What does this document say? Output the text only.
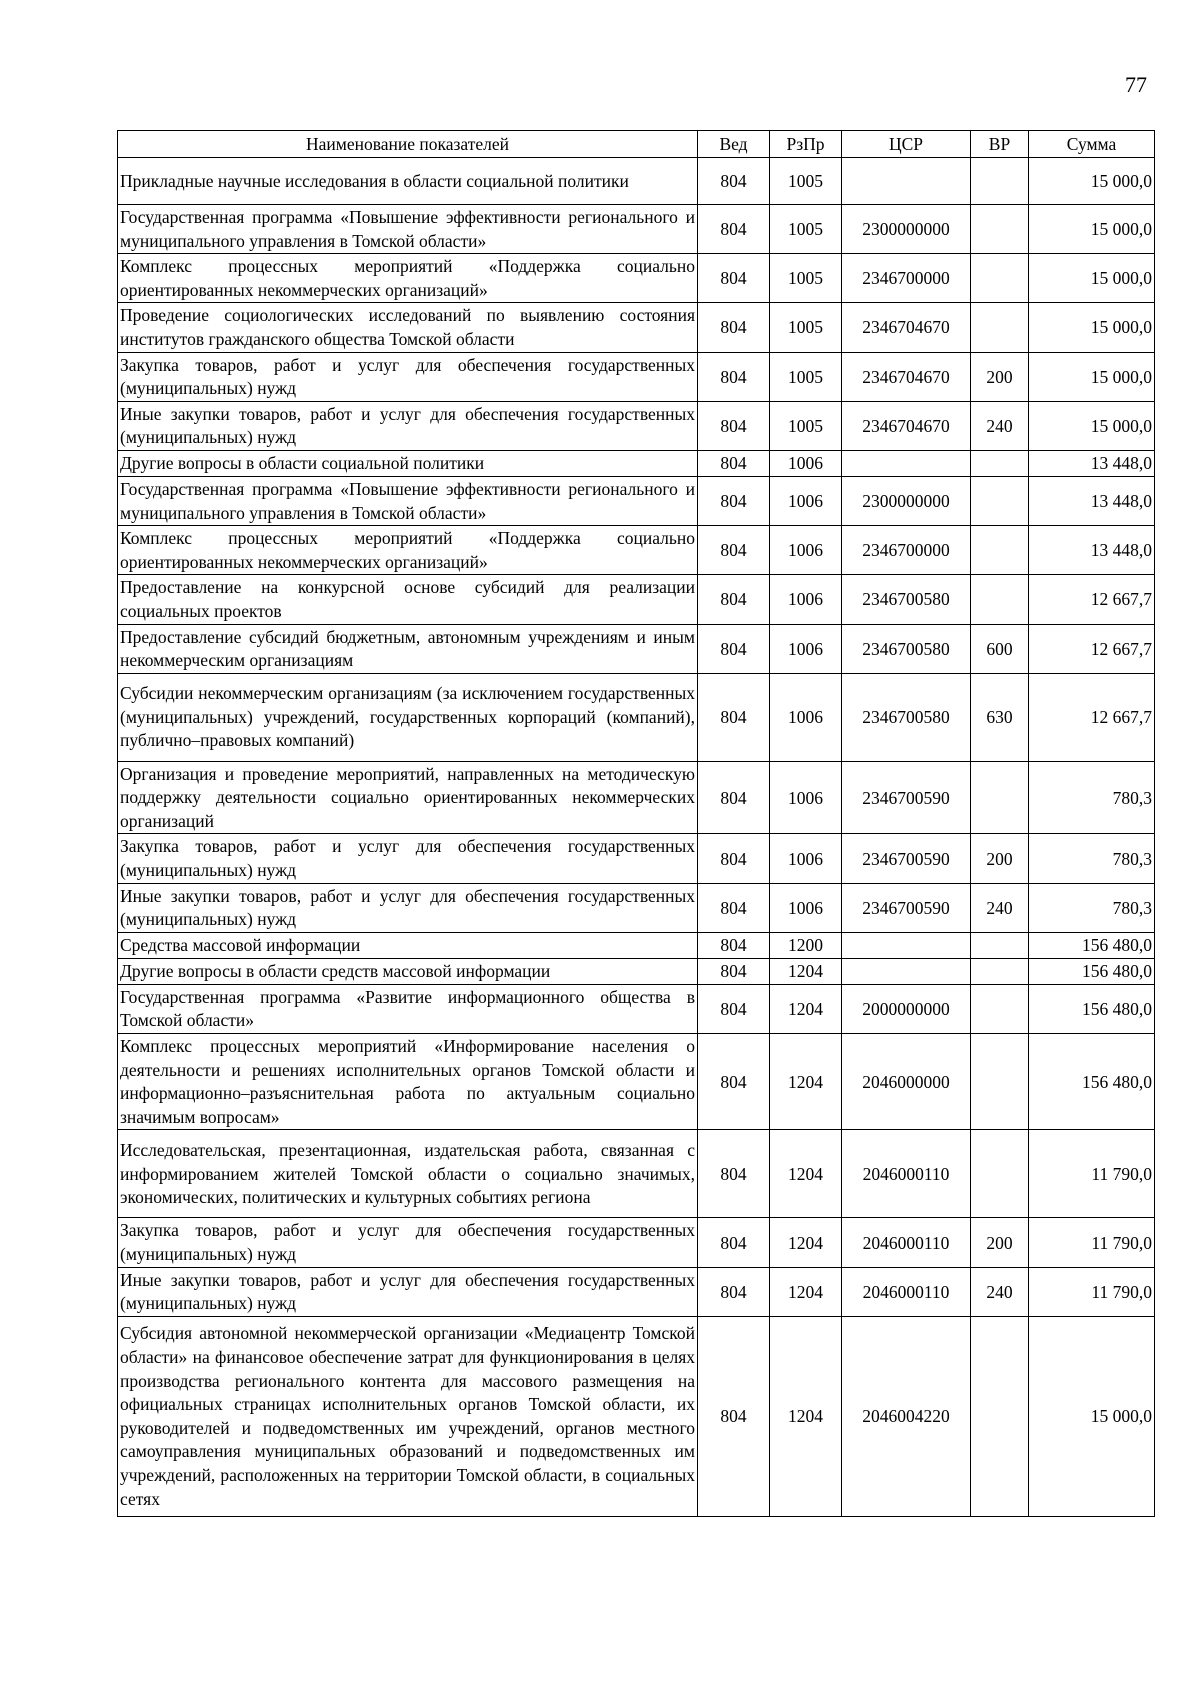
77
Наименование показателей	Вед	РзПр	ЦСР	ВР	Сумма
Прикладные научные исследования в области социальной политики	804	1005			15 000,0
Государственная программа «Повышение эффективности регионального и муниципального управления в Томской области»	804	1005	2300000000		15 000,0
Комплекс процессных мероприятий «Поддержка социально ориентированных некоммерческих организаций»	804	1005	2346700000		15 000,0
Проведение социологических исследований по выявлению состояния институтов гражданского общества Томской области	804	1005	2346704670		15 000,0
Закупка товаров, работ и услуг для обеспечения государственных (муниципальных) нужд	804	1005	2346704670	200	15 000,0
Иные закупки товаров, работ и услуг для обеспечения государственных (муниципальных) нужд	804	1005	2346704670	240	15 000,0
Другие вопросы в области социальной политики	804	1006			13 448,0
Государственная программа «Повышение эффективности регионального и муниципального управления в Томской области»	804	1006	2300000000		13 448,0
Комплекс процессных мероприятий «Поддержка социально ориентированных некоммерческих организаций»	804	1006	2346700000		13 448,0
Предоставление на конкурсной основе субсидий для реализации социальных проектов	804	1006	2346700580		12 667,7
Предоставление субсидий бюджетным, автономным учреждениям и иным некоммерческим организациям	804	1006	2346700580	600	12 667,7
Субсидии некоммерческим организациям (за исключением государственных (муниципальных) учреждений, государственных корпораций (компаний), публично–правовых компаний)	804	1006	2346700580	630	12 667,7
Организация и проведение мероприятий, направленных на методическую поддержку деятельности социально ориентированных некоммерческих организаций	804	1006	2346700590		780,3
Закупка товаров, работ и услуг для обеспечения государственных (муниципальных) нужд	804	1006	2346700590	200	780,3
Иные закупки товаров, работ и услуг для обеспечения государственных (муниципальных) нужд	804	1006	2346700590	240	780,3
Средства массовой информации	804	1200			156 480,0
Другие вопросы в области средств массовой информации	804	1204			156 480,0
Государственная программа «Развитие информационного общества в Томской области»	804	1204	2000000000		156 480,0
Комплекс процессных мероприятий «Информирование населения о деятельности и решениях исполнительных органов Томской области и информационно–разъяснительная работа по актуальным социально значимым вопросам»	804	1204	2046000000		156 480,0
Исследовательская, презентационная, издательская работа, связанная с информированием жителей Томской области о социально значимых, экономических, политических и культурных событиях региона	804	1204	2046000110		11 790,0
Закупка товаров, работ и услуг для обеспечения государственных (муниципальных) нужд	804	1204	2046000110	200	11 790,0
Иные закупки товаров, работ и услуг для обеспечения государственных (муниципальных) нужд	804	1204	2046000110	240	11 790,0
Субсидия автономной некоммерческой организации «Медиацентр Томской области» на финансовое обеспечение затрат для функционирования в целях производства регионального контента для массового размещения на официальных страницах исполнительных органов Томской области, их руководителей и подведомственных им учреждений, органов местного самоуправления муниципальных образований и подведомственных им учреждений, расположенных на территории Томской области, в социальных сетях	804	1204	2046004220		15 000,0
